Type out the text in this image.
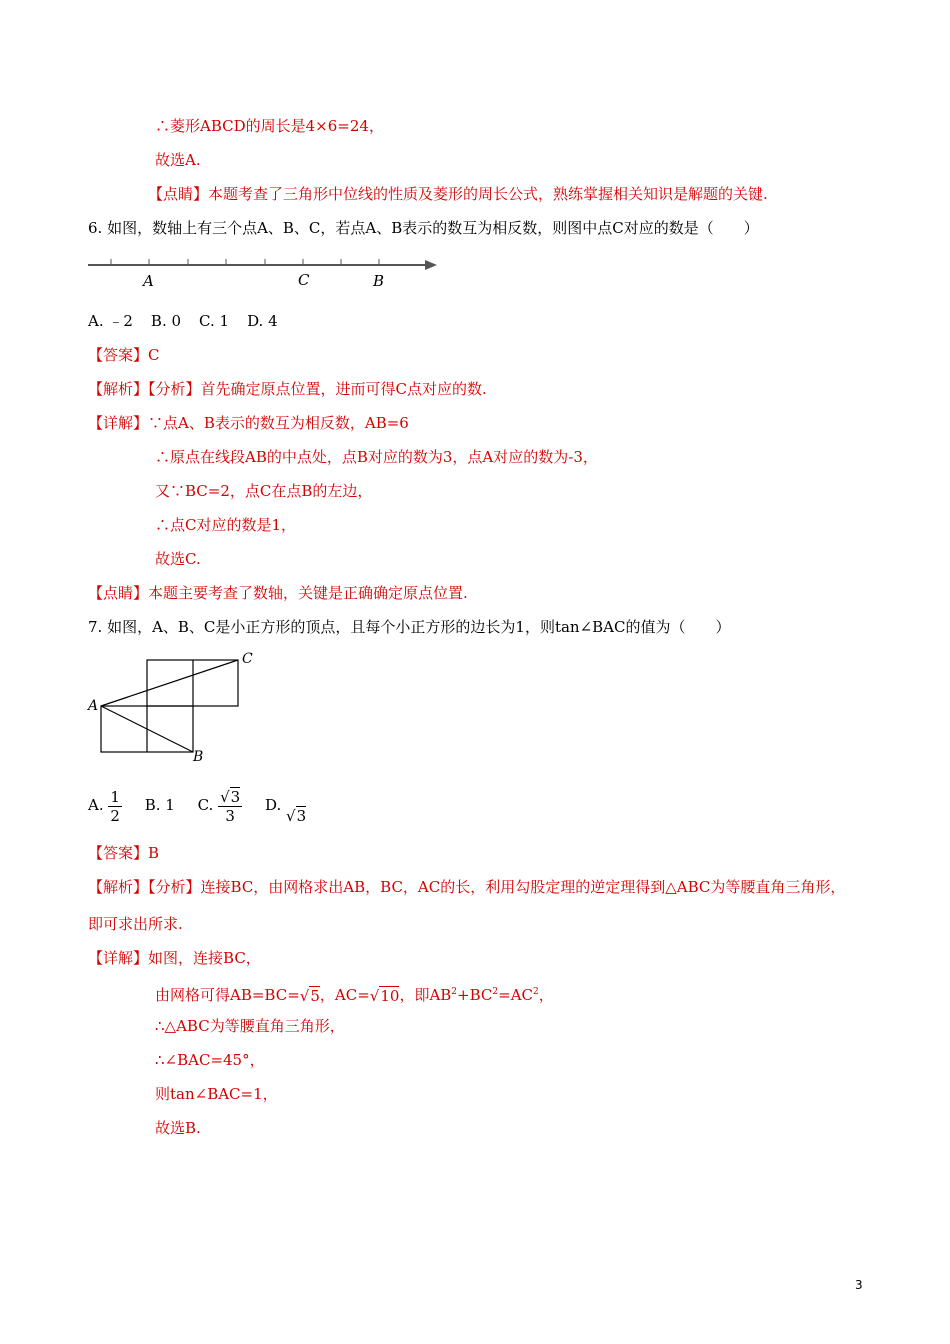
∴菱形ABCD的周长是4×6=24，
故选A.
【点睛】本题考查了三角形中位线的性质及菱形的周长公式，熟练掌握相关知识是解题的关键.
6. 如图，数轴上有三个点A、B、C，若点A、B表示的数互为相反数，则图中点C对应的数是（　　）
A	C	B
A. ﹣2 B. 0 C. 1 D. 4
【答案】C
【解析】【分析】首先确定原点位置，进而可得C点对应的数.
【详解】∵点A、B表示的数互为相反数，AB=6
∴原点在线段AB的中点处，点B对应的数为3，点A对应的数为-3，
又∵BC=2，点C在点B的左边，
∴点C对应的数是1，
故选C.
【点睛】本题主要考查了数轴，关键是正确确定原点位置.
7. 如图，A、B、C是小正方形的顶点，且每个小正方形的边长为1，则tan∠BAC的值为（　　）
A
B
C
A. $\frac{1}{2} B$. 1 C. $\frac{√3}{3} D$. √3
【答案】B
【解析】【分析】连接BC，由网格求出AB，BC，AC的长，利用勾股定理的逆定理得到△ABC为等腰直角三角形，
即可求出所求.
【详解】如图，连接BC，
由网格可得AB=BC=√5，AC=√10，即$AB^2+BC^2=AC^2$，
∴△ABC为等腰直角三角形，
∴∠BAC=45°，
则tan∠BAC=1，
故选B.
3
